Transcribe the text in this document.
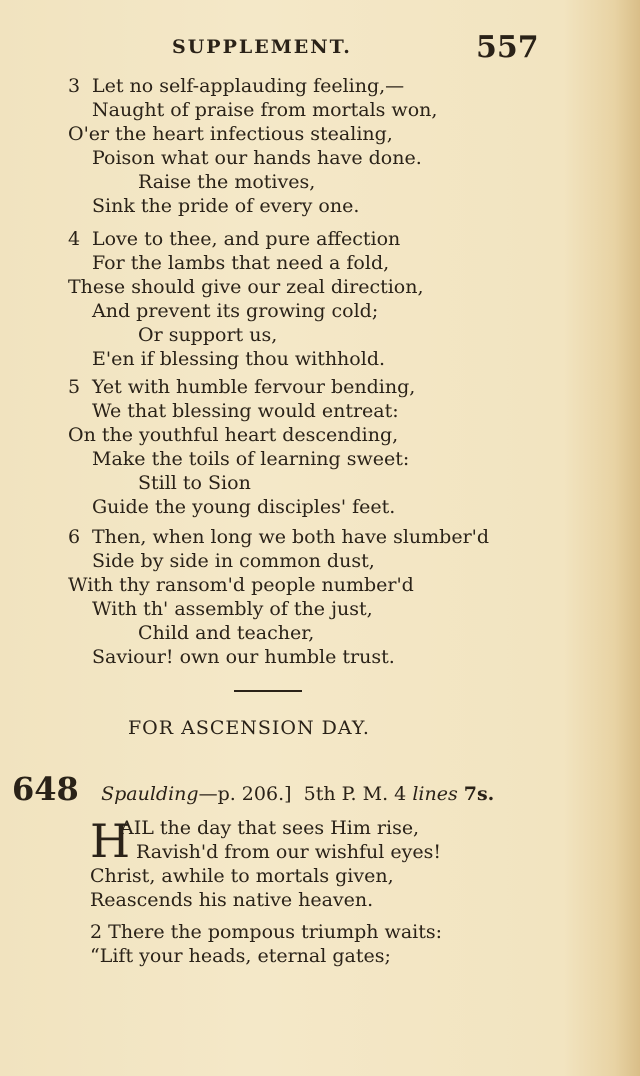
SUPPLEMENT.	557
3 Let no self-applauding feeling,—
Naught of praise from mortals won,
O'er the heart infectious stealing,
Poison what our hands have done.
Raise the motives,
Sink the pride of every one.
4 Love to thee, and pure affection
For the lambs that need a fold,
These should give our zeal direction,
And prevent its growing cold;
Or support us,
E'en if blessing thou withhold.
5 Yet with humble fervour bending,
We that blessing would entreat:
On the youthful heart descending,
Make the toils of learning sweet:
Still to Sion
Guide the young disciples' feet.
6 Then, when long we both have slumber'd
Side by side in common dust,
With thy ransom'd people number'd
With th' assembly of the just,
Child and teacher,
Saviour! own our humble trust.
FOR ASCENSION DAY.
648 Spaulding—p. 206.] 5th P. M. 4 lines 7s.
H
AIL the day that sees Him rise,
Ravish'd from our wishful eyes!
Christ, awhile to mortals given,
Reascends his native heaven.
2 There the pompous triumph waits:
“Lift your heads, eternal gates;
